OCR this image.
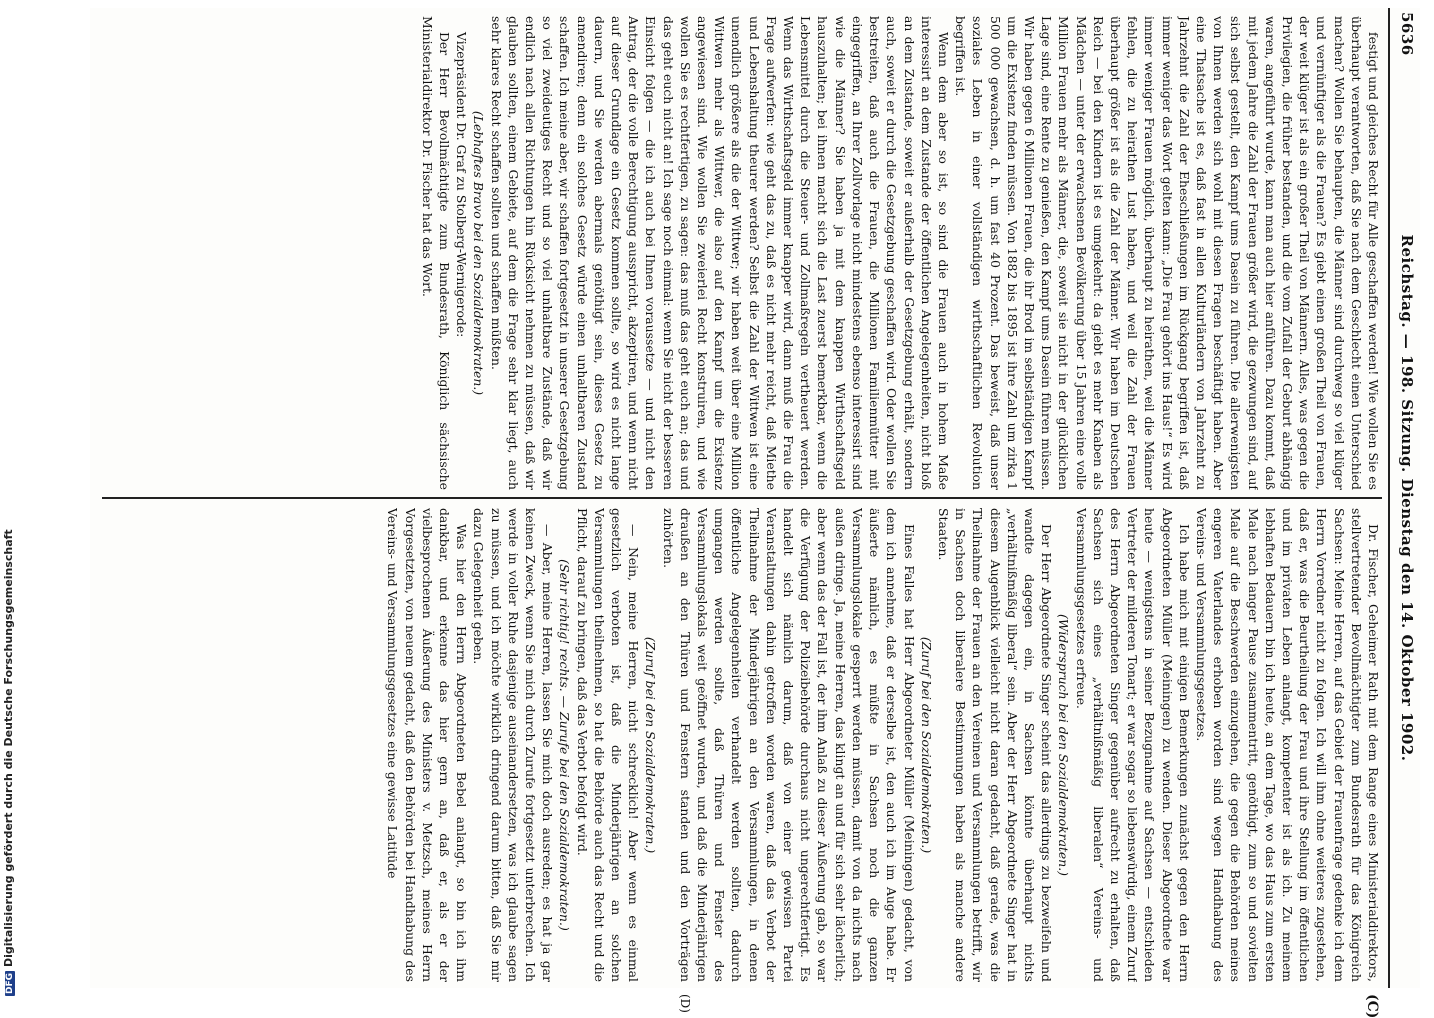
5636
Reichstag. — 198. Sitzung. Dienstag den 14. Oktober 1902.
(C)
(D)

festigt und gleiches Recht für Alle geschaffen werden! Wie wollen Sie es überhaupt verantworten, daß Sie nach dem Geschlecht einen Unterschied machen? Wollen Sie behaupten, die Männer sind durchweg so viel klüger und vernünftiger als die Frauen? Es giebt einen großen Theil von Frauen, der weit klüger ist als ein großer Theil von Männern. Alles, was gegen die Privilegien, die früher bestanden, und die vom Zufall der Geburt abhängig waren, angeführt wurde, kann man auch hier anführen. Dazu kommt, daß mit jedem Jahre die Zahl der Frauen größer wird, die gezwungen sind, auf sich selbst gestellt, den Kampf ums Dasein zu führen. Die allerwenigsten von Ihnen werden sich wohl mit diesen Fragen beschäftigt haben. Aber eine Thatsache ist es, daß fast in allen Kulturländern von Jahrzehnt zu Jahrzehnt die Zahl der Eheschließungen im Rückgang begriffen ist, daß immer weniger das Wort gelten kann: „Die Frau gehört ins Haus!“ Es wird immer weniger Frauen möglich, überhaupt zu heirathen, weil die Männer fehlen, die zu heirathen Lust haben, und weil die Zahl der Frauen überhaupt größer ist als die Zahl der Männer. Wir haben im Deutschen Reich — bei den Kindern ist es umgekehrt: da giebt es mehr Knaben als Mädchen — unter der erwachsenen Bevölkerung über 15 Jahren eine volle Million Frauen mehr als Männer, die, soweit sie nicht in der glücklichen Lage sind, eine Rente zu genießen, den Kampf ums Dasein führen müssen. Wir haben gegen 6 Millionen Frauen, die ihr Brod im selbständigen Kampf um die Existenz finden müssen. Von 1882 bis 1895 ist ihre Zahl um zirka 1 500 000 gewachsen, d. h. um fast 40 Prozent. Das beweist, daß unser soziales Leben in einer vollständigen wirthschaftlichen Revolution begriffen ist.

Wenn dem aber so ist, so sind die Frauen auch in hohem Maße interessirt an dem Zustande der öffentlichen Angelegenheiten, nicht bloß an dem Zustande, soweit er außerhalb der Gesetzgebung erhält, sondern auch, soweit er durch die Gesetzgebung geschaffen wird. Oder wollen Sie bestreiten, daß auch die Frauen, die Millionen Familienmütter mit eingegriffen, an Ihrer Zollvorlage nicht mindestens ebenso interessirt sind wie die Männer? Sie haben ja mit dem knappen Wirthschaftsgeld hauszuhalten; bei ihnen macht sich die Last zuerst bemerkbar, wenn die Lebensmittel durch die Steuer- und Zollmaßregeln vertheuert werden. Wenn das Wirthschaftsgeld immer knapper wird, dann muß die Frau die Frage aufwerfen: wie geht das zu, daß es nicht mehr reicht, daß Miethe und Lebenshaltung theurer werden? Selbst die Zahl der Wittwen ist eine unendlich größere als die der Wittwer; wir haben weit über eine Million Wittwen mehr als Wittwer, die also auf den Kampf um die Existenz angewiesen sind. Wie wollen Sie zweierlei Recht konstruiren, und wie wollen Sie es rechtfertigen, zu sagen: das muß das geht euch an; das und das geht euch nicht an! Ich sage noch einmal: wenn Sie nicht der besseren Einsicht folgen — die ich auch bei Ihnen voraussetze — und nicht den Antrag, der die volle Berechtigung ausspricht, akzeptiren, und wenn nicht auf dieser Grundlage ein Gesetz kommen sollte, so wird es nicht lange dauern, und Sie werden abermals genöthigt sein, dieses Gesetz zu amendiren; denn ein solches Gesetz würde einen unhaltbaren Zustand schaffen. Ich meine aber, wir schaffen fortgesetzt in unserer Gesetzgebung so viel zweideutiges Recht und so viel unhaltbare Zustände, daß wir endlich nach allen Richtungen hin Rücksicht nehmen zu müssen, daß wir glauben sollten, einem Gebiete, auf dem die Frage sehr klar liegt, auch sehr klares Recht schaffen sollten und schaffen müßten.

(Lebhaftes Bravo bei den Sozialdemokraten.)

Vizepräsident Dr. Graf zu Stolberg-Wernigerode:

Der Herr Bevollmächtigte zum Bundesrath, Königlich sächsische Ministerialdirektor Dr. Fischer hat das Wort.

Dr. Fischer, Geheimer Rath mit dem Range eines Ministerialdirektors, stellvertretender Bevollmächtigter zum Bundesrath für das Königreich Sachsen: Meine Herren, auf das Gebiet der Frauenfrage gedenke ich dem Herrn Vorredner nicht zu folgen. Ich will ihm ohne weiteres zugestehen, daß er, was die Beurtheilung der Frau und ihre Stellung im öffentlichen und im privaten Leben anlangt, kompetenter ist als ich. Zu meinem lebhaften Bedauern bin ich heute, an dem Tage, wo das Haus zum ersten Male nach langer Pause zusammentritt, genöthigt, zum so und sovielten Male auf die Beschwerden einzugehen, die gegen die Behörden meines engeren Vaterlandes erhoben worden sind wegen Handhabung des Vereins- und Versammlungsgesetzes.

Ich habe mich mit einigen Bemerkungen zunächst gegen den Herrn Abgeordneten Müller (Meiningen) zu wenden. Dieser Abgeordnete war heute — wenigstens in seiner Bezugnahme auf Sachsen — entschieden Vertreter der milderen Tonart; er war sogar so liebenswürdig, einem Zuruf des Herrn Abgeordneten Singer gegenüber aufrecht zu erhalten, daß Sachsen sich eines „verhältnißmäßig liberalen“ Vereins- und Versammlungsgesetzes erfreue.

(Widerspruch bei den Sozialdemokraten.)

Der Herr Abgeordnete Singer scheint das allerdings zu bezweifeln und wandte dagegen ein, in Sachsen könnte überhaupt nichts „verhältnißmäßig liberal“ sein. Aber der Herr Abgeordnete Singer hat in diesem Augenblick vielleicht nicht daran gedacht, daß gerade, was die Theilnahme der Frauen an den Vereinen und Versammlungen betrifft, wir in Sachsen doch liberalere Bestimmungen haben als manche andere Staaten.

(Zuruf bei den Sozialdemokraten.)

Eines Falles hat Herr Abgeordneter Müller (Meiningen) gedacht, von dem ich annehme, daß er derselbe ist, den auch ich im Auge habe. Er äußerte nämlich, es müßte in Sachsen noch die ganzen Versammlungslokale gesperrt werden müssen, damit von da nichts nach außen dringe. Ja, meine Herren, das klingt an und für sich sehr lächerlich; aber wenn das der Fall ist, der ihm Anlaß zu dieser Äußerung gab, so war die Verfügung der Polizeibehörde durchaus nicht ungerechtfertigt. Es handelt sich nämlich darum, daß von einer gewissen Partei Veranstaltungen dahin getroffen worden waren, daß das Verbot der Theilnahme der Minderjährigen an den Versammlungen, in denen öffentliche Angelegenheiten verhandelt werden sollten, dadurch umgangen werden sollte, daß Thüren und Fenster des Versammlungslokals weit geöffnet wurden, und daß die Minderjährigen draußen an den Thüren und Fenstern standen und den Vorträgen zuhörten.

(Zuruf bei den Sozialdemokraten.)

— Nein, meine Herren, nicht schrecklich! Aber wenn es einmal gesetzlich verboten ist, daß die Minderjährigen an solchen Versammlungen theilnehmen, so hat die Behörde auch das Recht und die Pflicht, darauf zu bringen, daß das Verbot befolgt wird.

(Sehr richtig! rechts. — Zurufe bei den Sozialdemokraten.)

— Aber, meine Herren, lassen Sie mich doch ausreden; es hat ja gar keinen Zweck, wenn Sie mich durch Zurufe fortgesetzt unterbrechen. Ich werde in voller Ruhe dasjenige auseinandersetzen, was ich glaube sagen zu müssen, und ich möchte wirklich dringend darum bitten, daß Sie mir dazu Gelegenheit geben.

Was hier den Herrn Abgeordneten Bebel anlangt, so bin ich ihm dankbar, und erkenne das hier gern an, daß er, als er der vielbesprochenen Äußerung des Ministers v. Metzsch, meines Herrn Vorgesetzten, von neuem gedacht, daß den Behörden bei Handhabung des Vereins- und Versammlungsgesetzes eine gewisse Latitüde

DFGDigitalisierung gefördert durch die Deutsche Forschungsgemeinschaft
